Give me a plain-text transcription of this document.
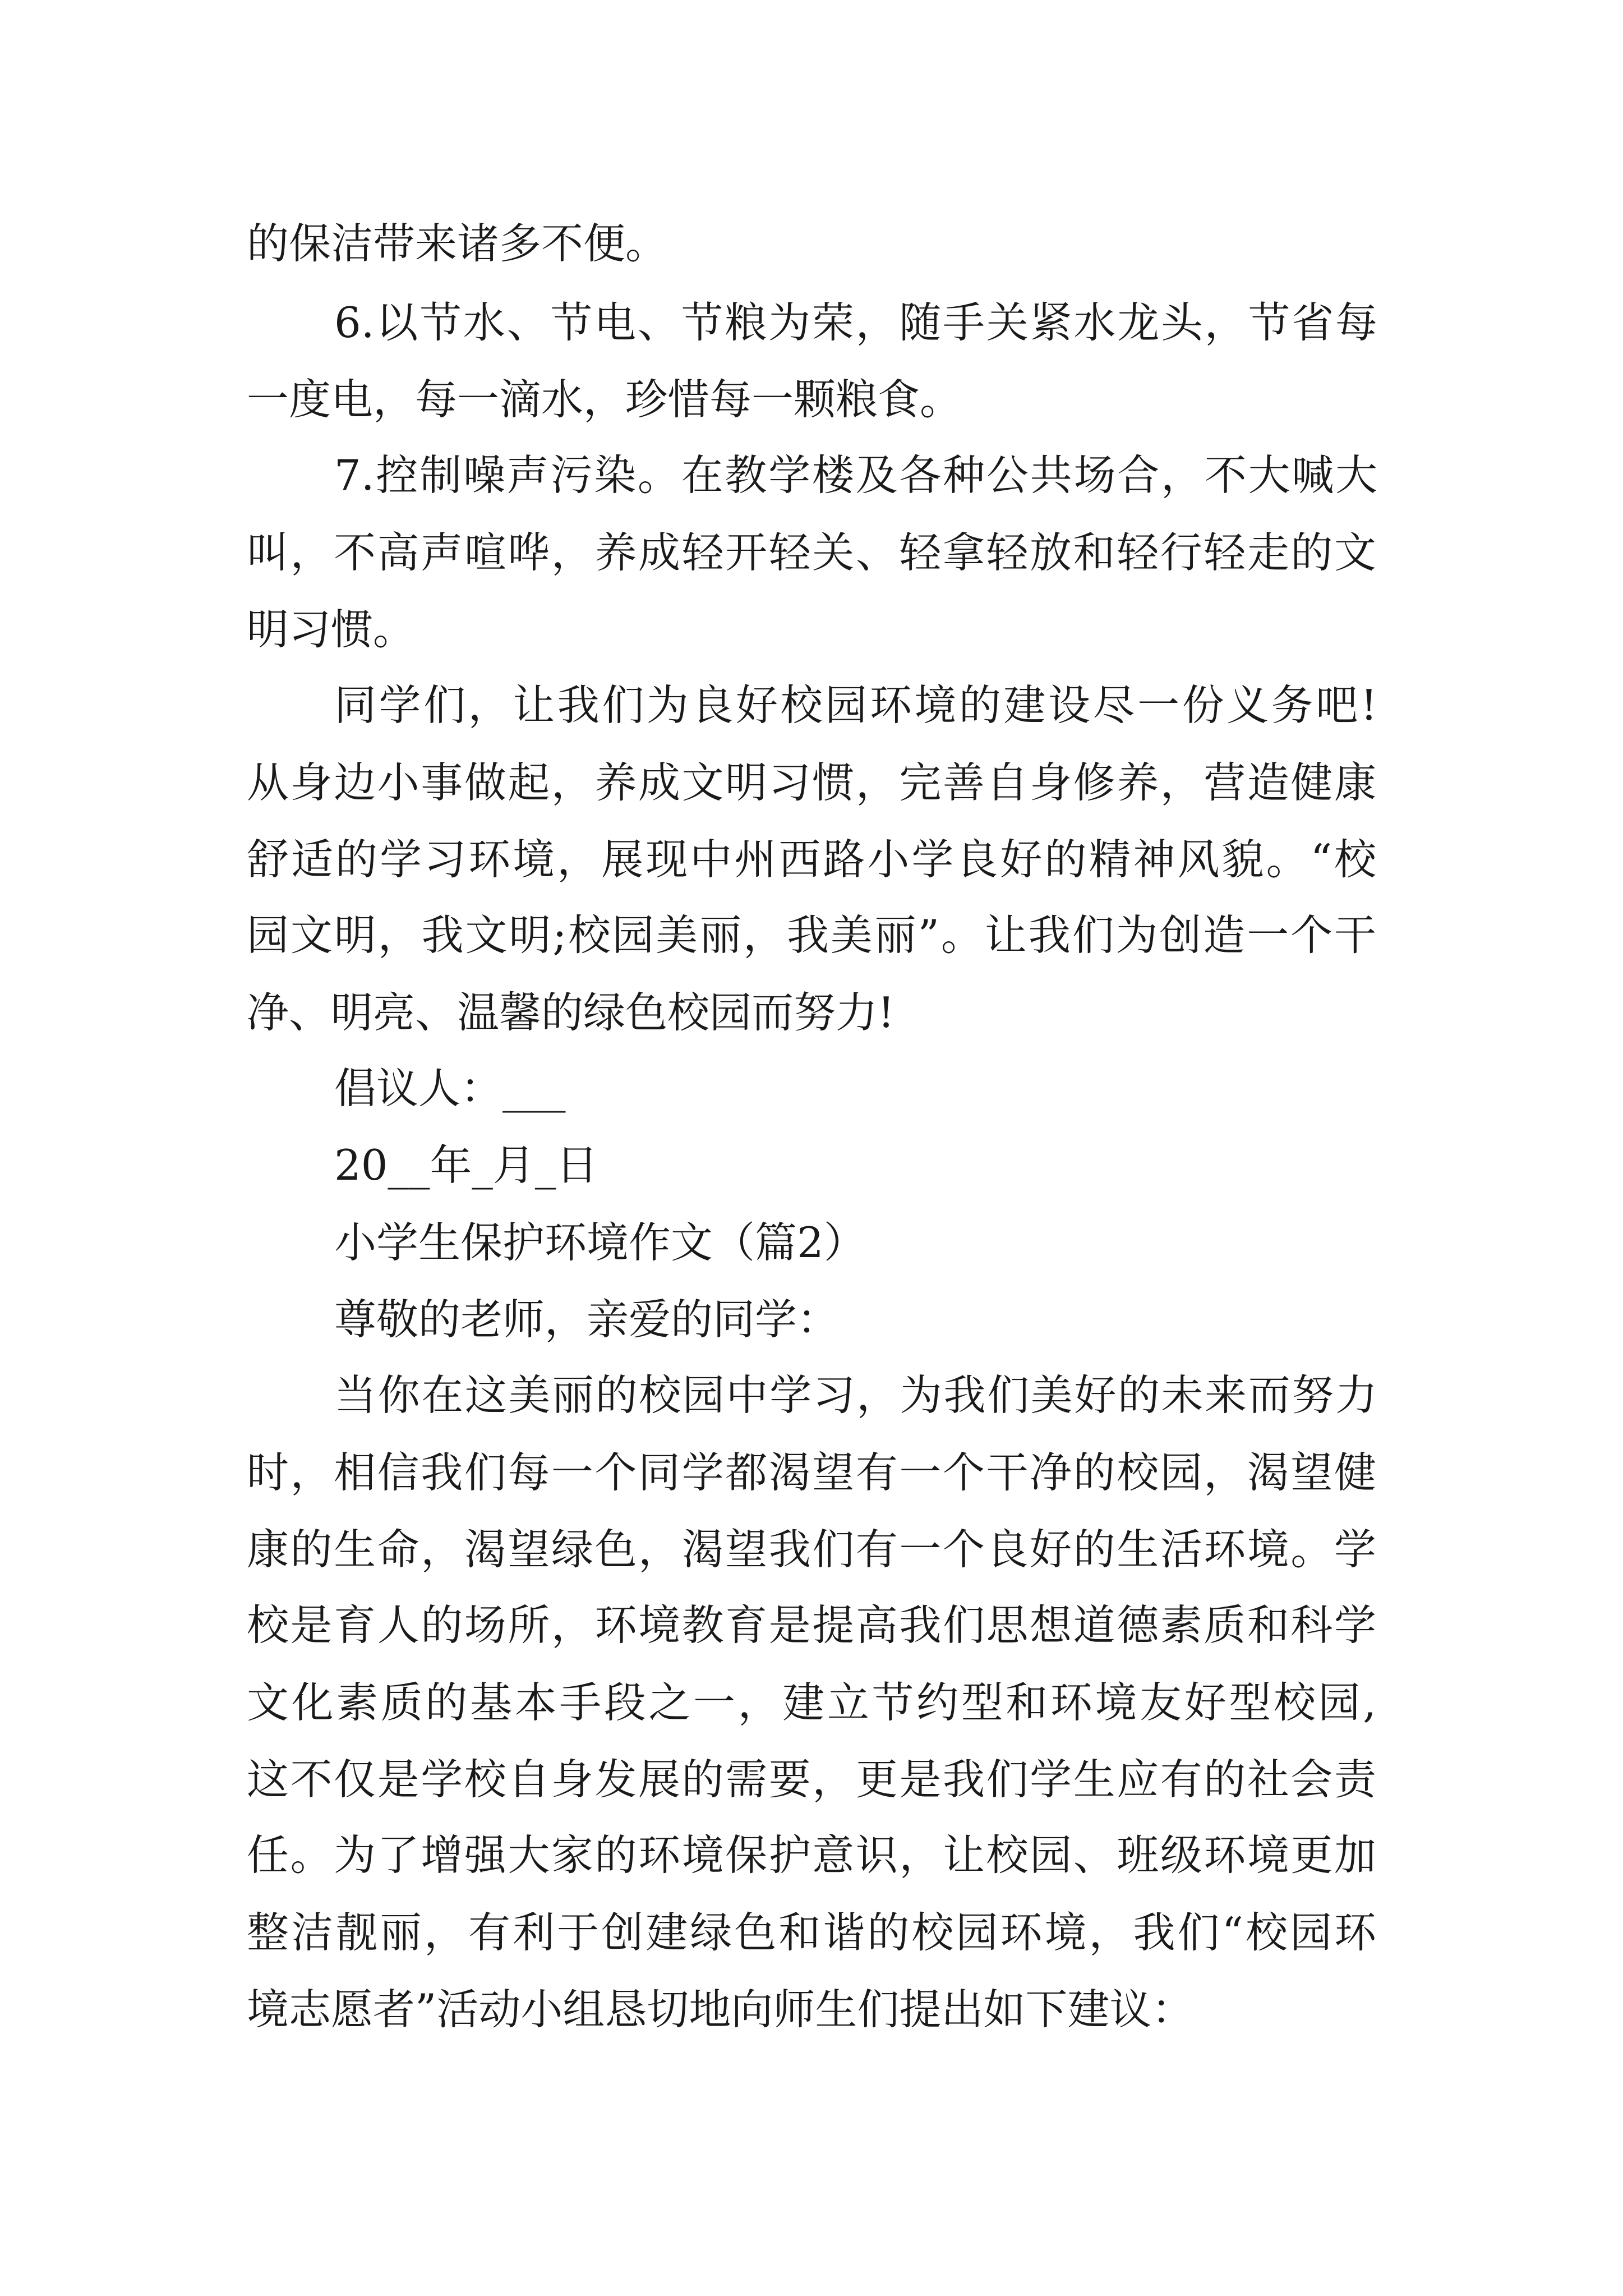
的保洁带来诸多不便。
6.以节水、节电、节粮为荣，随手关紧水龙头，节省每
一度电，每一滴水，珍惜每一颗粮食。
7.控制噪声污染。在教学楼及各种公共场合，不大喊大
叫，不高声喧哗，养成轻开轻关、轻拿轻放和轻行轻走的文
明习惯。
同学们，让我们为良好校园环境的建设尽一份义务吧!
从身边小事做起，养成文明习惯，完善自身修养，营造健康
舒适的学习环境，展现中州西路小学良好的精神风貌。“校
园文明，我文明;校园美丽，我美丽”。让我们为创造一个干
净、明亮、温馨的绿色校园而努力!
倡议人：___
20__年_月_日
小学生保护环境作文（篇2）
尊敬的老师，亲爱的同学：
当你在这美丽的校园中学习，为我们美好的未来而努力
时，相信我们每一个同学都渴望有一个干净的校园，渴望健
康的生命，渴望绿色，渴望我们有一个良好的生活环境。学
校是育人的场所，环境教育是提高我们思想道德素质和科学
文化素质的基本手段之一，建立节约型和环境友好型校园,
这不仅是学校自身发展的需要，更是我们学生应有的社会责
任。为了增强大家的环境保护意识，让校园、班级环境更加
整洁靓丽，有利于创建绿色和谐的校园环境，我们“校园环
境志愿者”活动小组恳切地向师生们提出如下建议：
